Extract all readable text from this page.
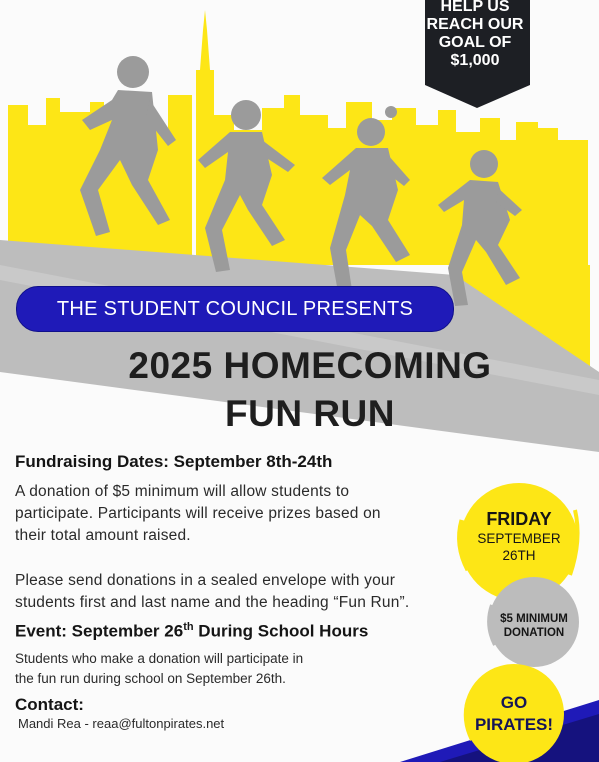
HELP US
REACH OUR
GOAL OF
$1,000
THE STUDENT COUNCIL PRESENTS
2025 HOMECOMING
FUN RUN
Fundraising Dates: September 8th-24th
A donation of $5 minimum will allow students to
participate. Participants will receive prizes based on
their total amount raised.
Please send donations in a sealed envelope with your
students first and last name and the heading “Fun Run”.
Event: September 26th During School Hours
Students who make a donation will participate in
the fun run during school on September 26th.
Contact:
Mandi Rea - reaa@fultonpirates.net
FRIDAY
SEPTEMBER
26TH
$5 MINIMUM
DONATION
GO
PIRATES!
